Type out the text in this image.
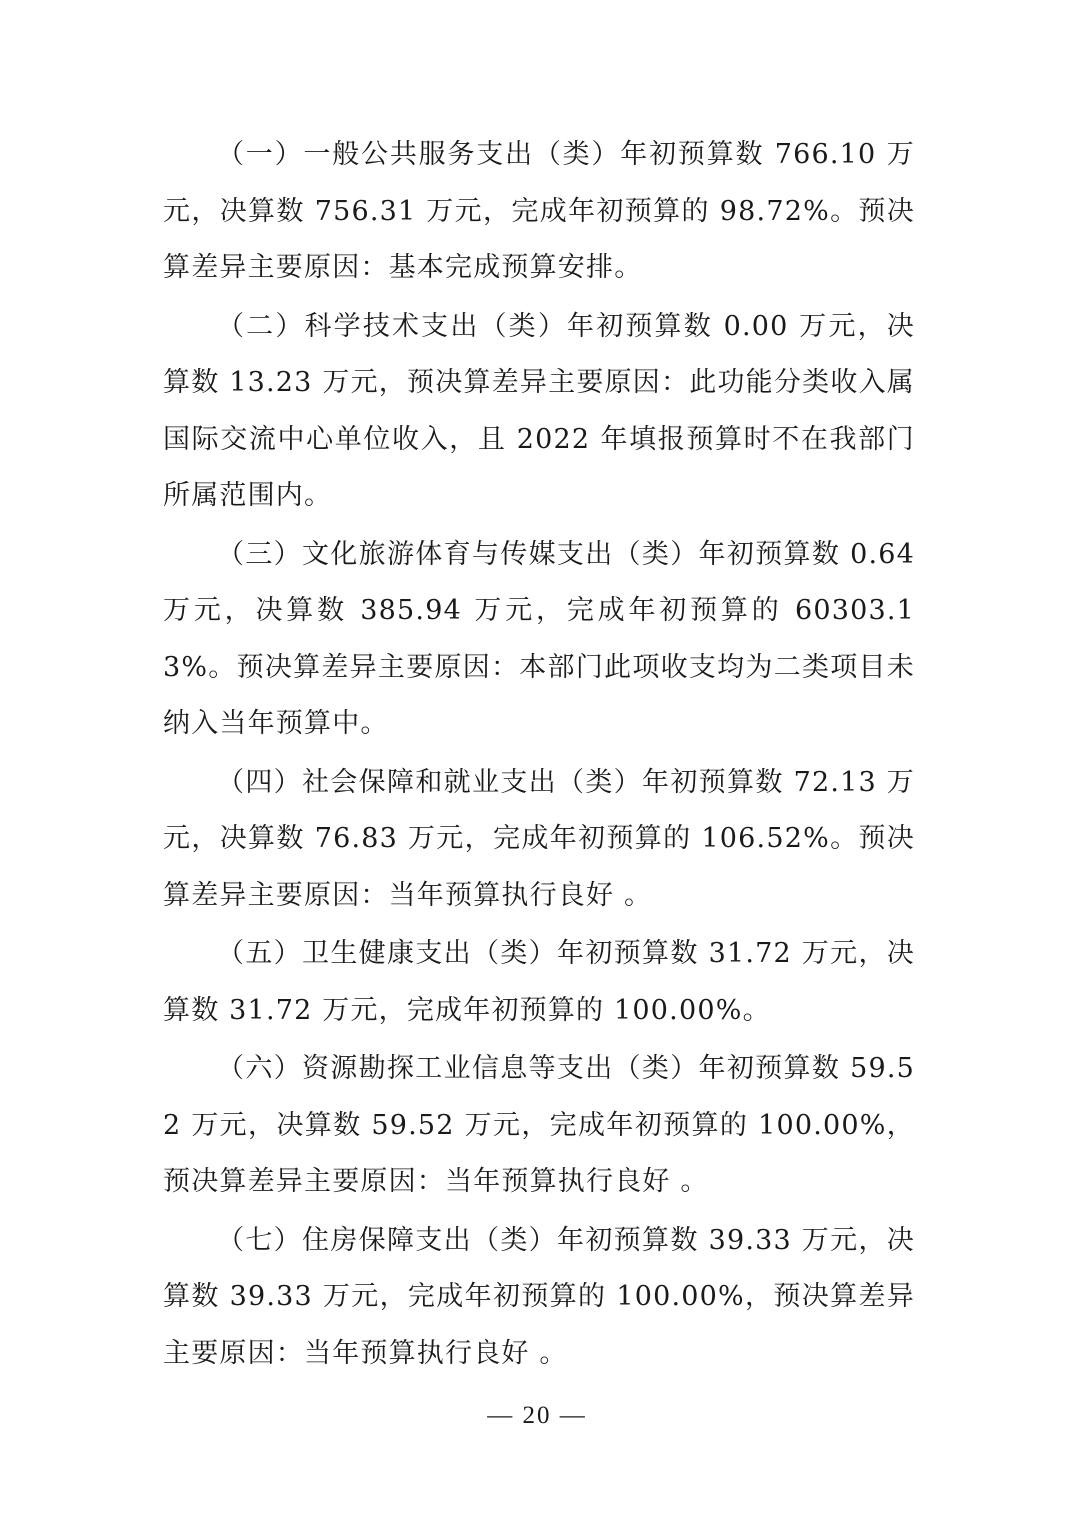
（一）一般公共服务支出（类）年初预算数 766.10 万元，决算数 756.31 万元，完成年初预算的 98.72%。预决算差异主要原因：基本完成预算安排。

（二）科学技术支出（类）年初预算数 0.00 万元，决算数 13.23 万元，预决算差异主要原因：此功能分类收入属国际交流中心单位收入，且 2022 年填报预算时不在我部门所属范围内。

（三）文化旅游体育与传媒支出（类）年初预算数 0.64 万元，决算数 385.94 万元，完成年初预算的 60303.13%。预决算差异主要原因：本部门此项收支均为二类项目未纳入当年预算中。

（四）社会保障和就业支出（类）年初预算数 72.13 万元，决算数 76.83 万元，完成年初预算的 106.52%。预决算差异主要原因：当年预算执行良好 。

（五）卫生健康支出（类）年初预算数 31.72 万元，决算数 31.72 万元，完成年初预算的 100.00%。

（六）资源勘探工业信息等支出（类）年初预算数 59.52 万元，决算数 59.52 万元，完成年初预算的 100.00%，预决算差异主要原因：当年预算执行良好 。

（七）住房保障支出（类）年初预算数 39.33 万元，决算数 39.33 万元，完成年初预算的 100.00%，预决算差异主要原因：当年预算执行良好 。

— 20 —
